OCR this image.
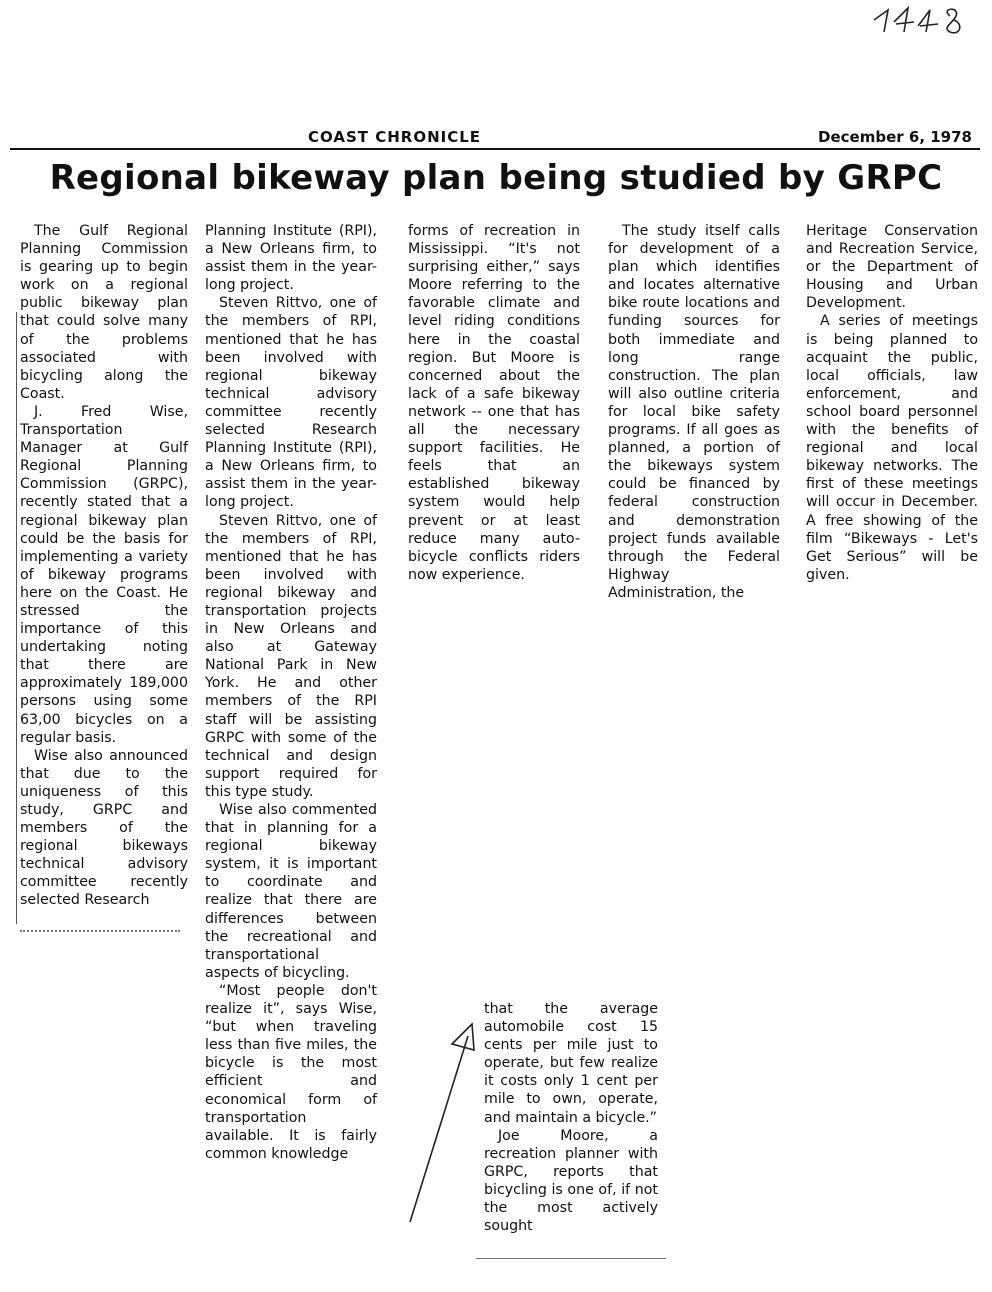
COAST CHRONICLE	December 6, 1978
Regional bikeway plan being studied by GRPC

The Gulf Regional Planning Commission is gearing up to begin work on a regional public bikeway plan that could solve many of the problems associated with bicycling along the Coast.

J. Fred Wise, Transportation Manager at Gulf Regional Planning Commission (GRPC), recently stated that a regional bikeway plan could be the basis for implementing a variety of bikeway programs here on the Coast. He stressed the importance of this undertaking noting that there are approximately 189,000 persons using some 63,00 bicycles on a regular basis.

Wise also announced that due to the uniqueness of this study, GRPC and members of the regional bikeways technical advisory committee recently selected Research

Planning Institute (RPI), a New Orleans firm, to assist them in the year-long project.

Steven Rittvo, one of the members of RPI, mentioned that he has been involved with regional bikeway technical advisory committee recently selected Research Planning Institute (RPI), a New Orleans firm, to assist them in the year-long project.

Steven Rittvo, one of the members of RPI, mentioned that he has been involved with regional bikeway and transportation projects in New Orleans and also at Gateway National Park in New York. He and other members of the RPI staff will be assisting GRPC with some of the technical and design support required for this type study.

Wise also commented that in planning for a regional bikeway system, it is important to coordinate and realize that there are differences between the recreational and transportational aspects of bicycling.

“Most people don't realize it”, says Wise, “but when traveling less than five miles, the bicycle is the most efficient and economical form of transportation available. It is fairly common knowledge

forms of recreation in Mississippi. “It's not surprising either,” says Moore referring to the favorable climate and level riding conditions here in the coastal region. But Moore is concerned about the lack of a safe bikeway network -- one that has all the necessary support facilities. He feels that an established bikeway system would help prevent or at least reduce many auto-bicycle conflicts riders now experience.

The study itself calls for development of a plan which identifies and locates alternative bike route locations and funding sources for both immediate and long range construction. The plan will also outline criteria for local bike safety programs. If all goes as planned, a portion of the bikeways system could be financed by federal construction and demonstration project funds available through the Federal Highway Administration, the

Heritage Conservation and Recreation Service, or the Department of Housing and Urban Development.

A series of meetings is being planned to acquaint the public, local officials, law enforcement, and school board personnel with the benefits of regional and local bikeway networks. The first of these meetings will occur in December. A free showing of the film “Bikeways - Let's Get Serious” will be given.

that the average automobile cost 15 cents per mile just to operate, but few realize it costs only 1 cent per mile to own, operate, and maintain a bicycle.”

Joe Moore, a recreation planner with GRPC, reports that bicycling is one of, if not the most actively sought
